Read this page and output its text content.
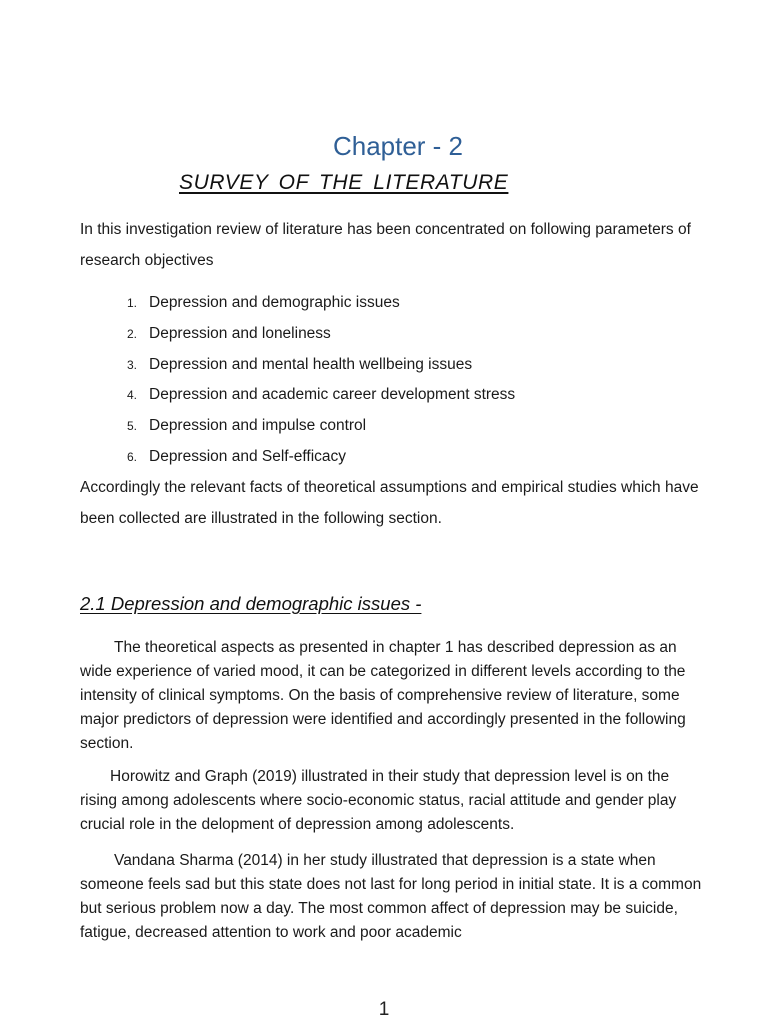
Chapter - 2
SURVEY OF THE LITERATURE

In this investigation review of literature has been concentrated on following parameters of research objectives

1. Depression and demographic issues
2. Depression and loneliness
3. Depression and mental health wellbeing issues
4. Depression and academic career development stress
5. Depression and impulse control
6. Depression and Self-efficacy

Accordingly the relevant facts of theoretical assumptions and empirical studies which have been collected are illustrated in the following section.

2.1 Depression and demographic issues -

The theoretical aspects as presented in chapter 1 has described depression as an wide experience of varied mood, it can be categorized in different levels according to the intensity of clinical symptoms. On the basis of comprehensive review of literature, some major predictors of depression were identified and accordingly presented in the following section.

Horowitz and Graph (2019) illustrated in their study that depression level is on the rising among adolescents where socio-economic status, racial attitude and gender play crucial role in the delopment of depression among adolescents.

Vandana Sharma (2014) in her study illustrated that depression is a state when someone feels sad but this state does not last for long period in initial state. It is a common but serious problem now a day. The most common affect of depression may be suicide, fatigue, decreased attention to work and poor academic

1
